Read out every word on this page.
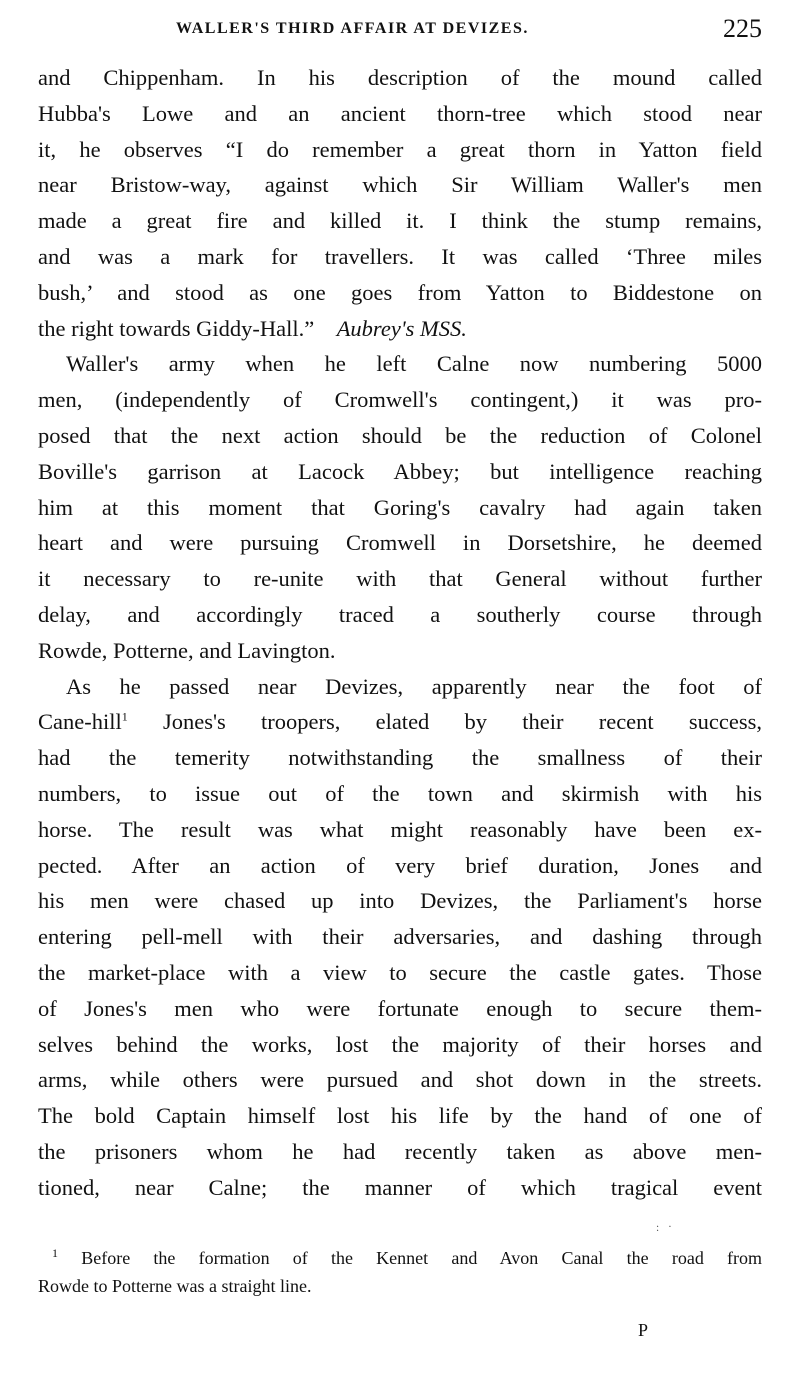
WALLER'S THIRD AFFAIR AT DEVIZES.	225
and Chippenham. In his description of the mound called
Hubba's Lowe and an ancient thorn-tree which stood near
it, he observes “I do remember a great thorn in Yatton field
near Bristow-way, against which Sir William Waller's men
made a great fire and killed it. I think the stump remains,
and was a mark for travellers. It was called ‘Three miles
bush,’ and stood as one goes from Yatton to Biddestone on
the right towards Giddy-Hall.” Aubrey's MSS.
Waller's army when he left Calne now numbering 5000
men, (independently of Cromwell's contingent,) it was pro-
posed that the next action should be the reduction of Colonel
Boville's garrison at Lacock Abbey; but intelligence reaching
him at this moment that Goring's cavalry had again taken
heart and were pursuing Cromwell in Dorsetshire, he deemed
it necessary to re-unite with that General without further
delay, and accordingly traced a southerly course through
Rowde, Potterne, and Lavington.
As he passed near Devizes, apparently near the foot of
Cane-hill$^1$ Jones's troopers, elated by their recent success,
had the temerity notwithstanding the smallness of their
numbers, to issue out of the town and skirmish with his
horse. The result was what might reasonably have been ex-
pected. After an action of very brief duration, Jones and
his men were chased up into Devizes, the Parliament's horse
entering pell-mell with their adversaries, and dashing through
the market-place with a view to secure the castle gates. Those
of Jones's men who were fortunate enough to secure them-
selves behind the works, lost the majority of their horses and
arms, while others were pursued and shot down in the streets.
The bold Captain himself lost his life by the hand of one of
the prisoners whom he had recently taken as above men-
tioned, near Calne; the manner of which tragical event
· · ·
$^1$ Before the formation of the Kennet and Avon Canal the road from
Rowde to Potterne was a straight line.
P
